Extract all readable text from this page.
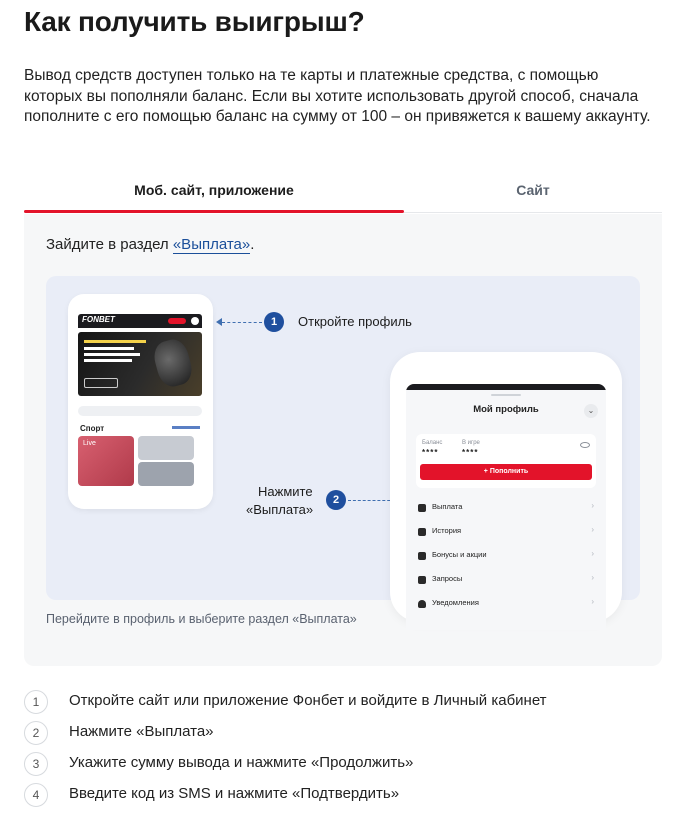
Как получить выигрыш?

Вывод средств доступен только на те карты и платежные средства, с помощью которых вы пополняли баланс. Если вы хотите использовать другой способ, сначала пополните с его помощью баланс на сумму от 100 – он привяжется к вашему аккаунту.

Моб. сайт, приложение	Сайт
Зайдите в раздел «Выплата».
FONBET
Спорт
Live
1	Откройте профиль
Нажмите
«Выплата»
2
Мой профиль	⌄
Баланс
****
В игре
****
+ Пополнить
Выплата	›
История	›
Бонусы и акции	›
Запросы	›
Уведомления	›
Перейдите в профиль и выберите раздел «Выплата»
1	Откройте сайт или приложение Фонбет и войдите в Личный кабинет
2	Нажмите «Выплата»
3	Укажите сумму вывода и нажмите «Продолжить»
4	Введите код из SMS и нажмите «Подтвердить»
